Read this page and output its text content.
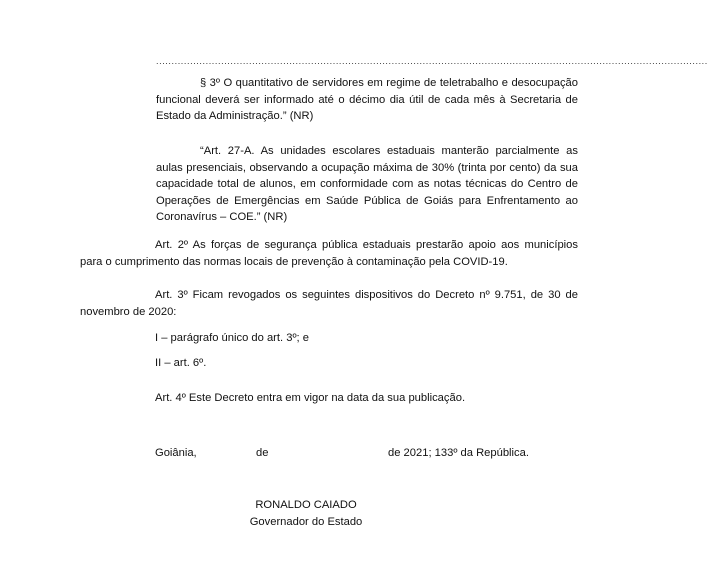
..................................................................................................................................................................................

§ 3º O quantitativo de servidores em regime de teletrabalho e desocupação funcional deverá ser informado até o décimo dia útil de cada mês à Secretaria de Estado da Administração.” (NR)

“Art. 27-A. As unidades escolares estaduais manterão parcialmente as aulas presenciais, observando a ocupação máxima de 30% (trinta por cento) da sua capacidade total de alunos, em conformidade com as notas técnicas do Centro de Operações de Emergências em Saúde Pública de Goiás para Enfrentamento ao Coronavírus – COE.” (NR)

Art. 2º As forças de segurança pública estaduais prestarão apoio aos municípios para o cumprimento das normas locais de prevenção à contaminação pela COVID-19.

Art. 3º Ficam revogados os seguintes dispositivos do Decreto nº 9.751, de 30 de novembro de 2020:

I – parágrafo único do art. 3º; e
II – art. 6º.
Art. 4º Este Decreto entra em vigor na data da sua publicação.
Goiânia,	de	de 2021; 133º da República.
RONALDO CAIADO
Governador do Estado
